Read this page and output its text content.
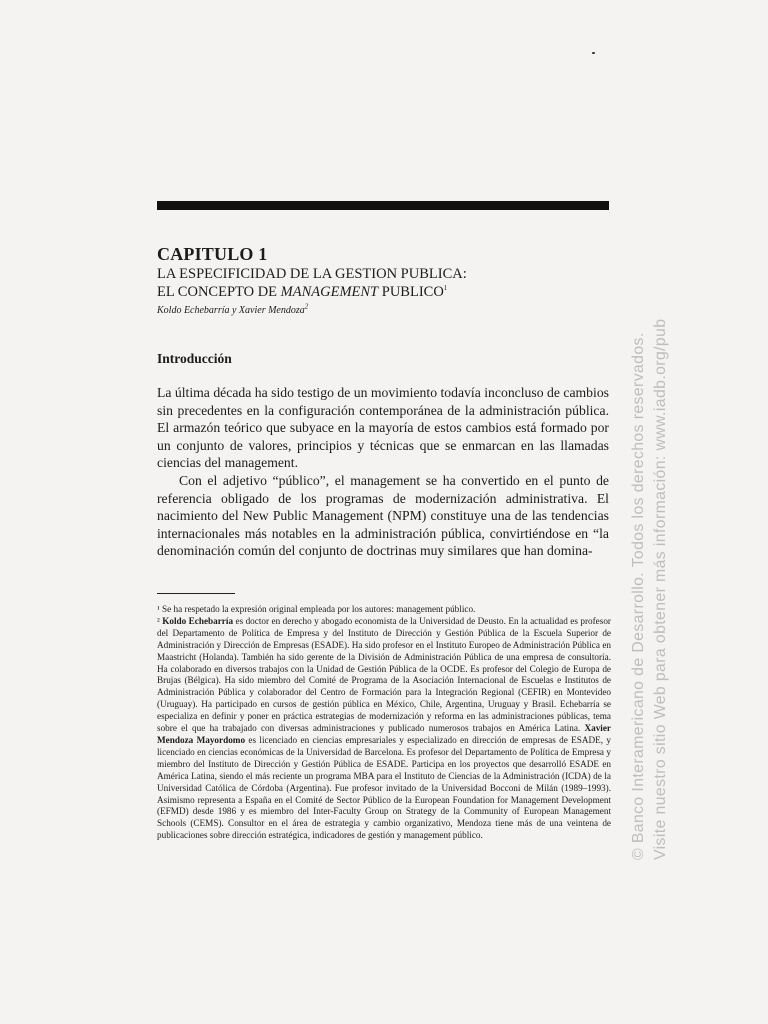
CAPITULO 1
LA ESPECIFICIDAD DE LA GESTION PUBLICA:
EL CONCEPTO DE MANAGEMENT PUBLICO$^1$
Koldo Echebarría y Xavier Mendoza$^2$
Introducción

La última década ha sido testigo de un movimiento todavía inconcluso de cambios sin precedentes en la configuración contemporánea de la administración pública. El armazón teórico que subyace en la mayoría de estos cambios está formado por un conjunto de valores, principios y técnicas que se enmarcan en las llamadas ciencias del management.

Con el adjetivo “público”, el management se ha convertido en el punto de referencia obligado de los programas de modernización administrativa. El nacimiento del New Public Management (NPM) constituye una de las tendencias internacionales más notables en la administración pública, convirtiéndose en “la denominación común del conjunto de doctrinas muy similares que han domina-

¹ Se ha respetado la expresión original empleada por los autores: management público.

² Koldo Echebarría es doctor en derecho y abogado economista de la Universidad de Deusto. En la actualidad es profesor del Departamento de Política de Empresa y del Instituto de Dirección y Gestión Pública de la Escuela Superior de Administración y Dirección de Empresas (ESADE). Ha sido profesor en el Instituto Europeo de Administración Pública en Maastricht (Holanda). También ha sido gerente de la División de Administración Pública de una empresa de consultoría. Ha colaborado en diversos trabajos con la Unidad de Gestión Pública de la OCDE. Es profesor del Colegio de Europa de Brujas (Bélgica). Ha sido miembro del Comité de Programa de la Asociación Internacional de Escuelas e Institutos de Administración Pública y colaborador del Centro de Formación para la Integración Regional (CEFIR) en Montevideo (Uruguay). Ha participado en cursos de gestión pública en México, Chile, Argentina, Uruguay y Brasil. Echebarría se especializa en definir y poner en práctica estrategias de modernización y reforma en las administraciones públicas, tema sobre el que ha trabajado con diversas administraciones y publicado numerosos trabajos en América Latina. Xavier Mendoza Mayordomo es licenciado en ciencias empresariales y especializado en dirección de empresas de ESADE, y licenciado en ciencias económicas de la Universidad de Barcelona. Es profesor del Departamento de Política de Empresa y miembro del Instituto de Dirección y Gestión Pública de ESADE. Participa en los proyectos que desarrolló ESADE en América Latina, siendo el más reciente un programa MBA para el Instituto de Ciencias de la Administración (ICDA) de la Universidad Católica de Córdoba (Argentina). Fue profesor invitado de la Universidad Bocconi de Milán (1989–1993). Asimismo representa a España en el Comité de Sector Público de la European Foundation for Management Development (EFMD) desde 1986 y es miembro del Inter-Faculty Group on Strategy de la Community of European Management Schools (CEMS). Consultor en el área de estrategia y cambio organizativo, Mendoza tiene más de una veintena de publicaciones sobre dirección estratégica, indicadores de gestión y management público.	© Banco Interamericano de Desarrollo. Todos los derechos reservados. Visite nuestro sitio Web para obtener más información: www.iadb.org/pub
